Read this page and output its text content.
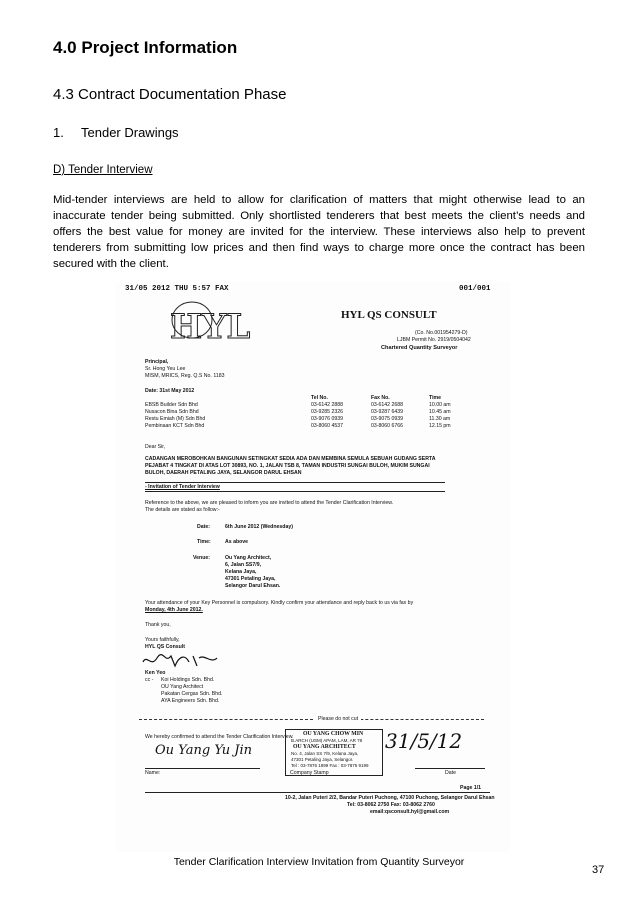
4.0 Project Information
4.3 Contract Documentation Phase
1. Tender Drawings
D) Tender Interview
Mid-tender interviews are held to allow for clarification of matters that might otherwise lead to an inaccurate tender being submitted. Only shortlisted tenderers that best meets the client’s needs and offers the best value for money are invited for the interview. These interviews also help to prevent tenderers from submitting low prices and then find ways to charge more once the contract has been secured with the client.
31/05 2012 THU 5:57 FAX	001/001
HYL	HYL QS CONSULT
(Co. No.001954279-D)
LJBM Permit No. 2919/0504042
Chartered Quantity Surveyor
Principal,
Sr. Hong Yeu Lee
MISM, MRICS, Reg. Q.S No. 1183
Date: 31st May 2012
Tel No.	Fax No.	Time
EBSB Builder Sdn Bhd	03-6142 2888	03-6142 2688	10.00 am
Nusacon Bina Sdn Bhd	03-9285 2326	03-9287 6439	10.45 am
Restu Emiah (M) Sdn Bhd	03-9076 0939	03-9075 0939	11.30 am
Pembinaan KCT Sdn Bhd	03-8060 4537	03-8060 6766	12.15 pm
Dear Sir,
CADANGAN MEROBOHKAN BANGUNAN SETINGKAT SEDIA ADA DAN MEMBINA SEMULA SEBUAH GUDANG SERTA
PEJABAT 4 TINGKAT DI ATAS LOT 30893, NO. 1, JALAN TSB 8, TAMAN INDUSTRI SUNGAI BULOH, MUKIM SUNGAI
BULOH, DAERAH PETALING JAYA, SELANGOR DARUL EHSAN
- Invitation of Tender Interview
Reference to the above, we are pleased to inform you are invited to attend the Tender Clarification Interview.
The details are stated as follow:-
Date:	6th June 2012 (Wednesday)
Time:	As above
Venue:	Ou Yang Architect,
6, Jalan SS7/9,
Kelana Jaya,
47301 Petaling Jaya,
Selangor Darul Ehsan.
Your attendance of your Key Personnel is compulsory. Kindly confirm your attendance and reply back to us via fax by
Monday, 4th June 2012.
Thank you,
Yours faithfully,
HYL QS Consult
Ken Yeo
cc - Koi Holdings Sdn. Bhd.
OU Yang Architect
Pakatan Cergas Sdn. Bhd.
AYA Engineers Sdn. Bhd.
Please do not cut
We hereby confirmed to attend the Tender Clarification Interview. OU YANG CHOW MIN
B.ARCH (USM) APAM, LAM, AR 78
OU YANG ARCHITECT
No. 4, Jalan SS 7/9, Kelana Jaya,
47301 Petaling Jaya, Selangor.
Tel : 03-7876 1899 Fax : 03-7875 9199
Ou Yang Yu Jin	31/5/12
Name:	Company Stamp	Date
Page 1/1
10-2, Jalan Puteri 2/2, Bandar Puteri Puchong, 47100 Puchong, Selangor Darul Ehsan
Tel: 03-8062 2750 Fax: 03-8062 2760
email:qsconsult.hyl@gmail.com
Tender Clarification Interview Invitation from Quantity Surveyor
37
